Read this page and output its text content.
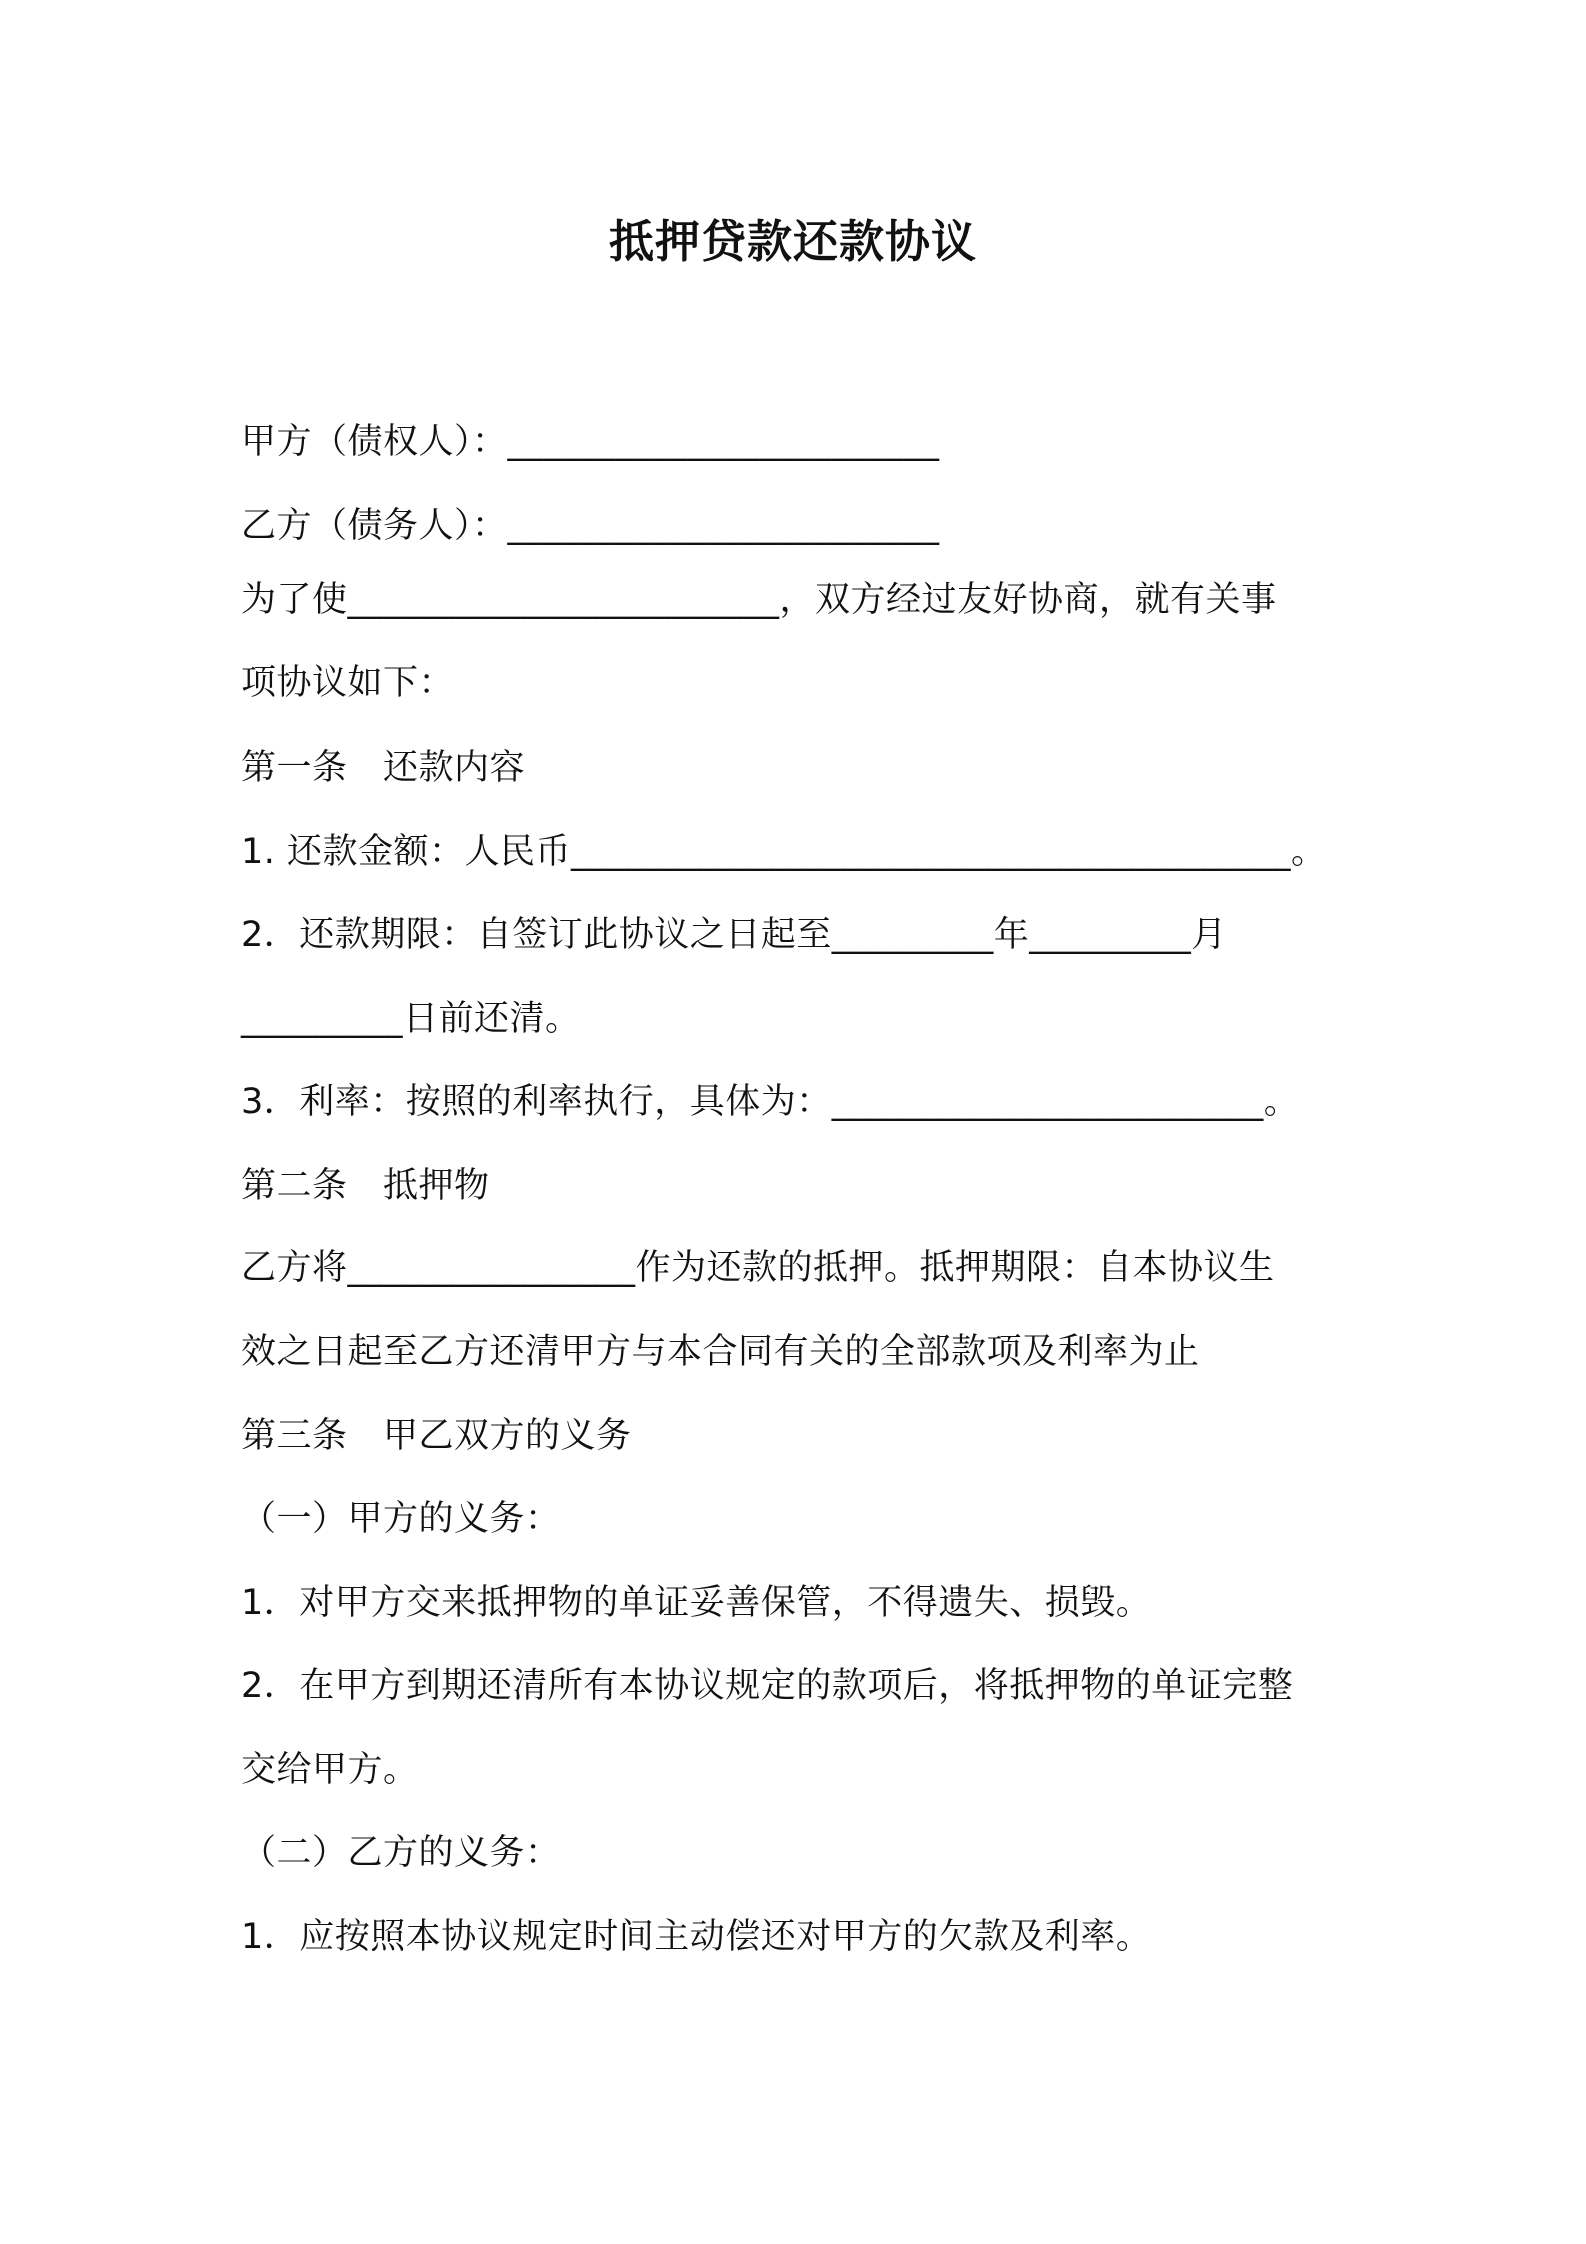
抵押贷款还款协议
甲方（债权人）：________________________
乙方（债务人）：________________________
为了使________________________，双方经过友好协商，就有关事
项协议如下：
第一条　还款内容
1. 还款金额：人民币________________________________________。
2．还款期限：自签订此协议之日起至_________年_________月
_________日前还清。
3．利率：按照的利率执行，具体为：________________________。
第二条　抵押物
乙方将________________作为还款的抵押。抵押期限：自本协议生
效之日起至乙方还清甲方与本合同有关的全部款项及利率为止
第三条　甲乙双方的义务
（一）甲方的义务：
1．对甲方交来抵押物的单证妥善保管，不得遗失、损毁。
2．在甲方到期还清所有本协议规定的款项后，将抵押物的单证完整
交给甲方。
（二）乙方的义务：
1．应按照本协议规定时间主动偿还对甲方的欠款及利率。
